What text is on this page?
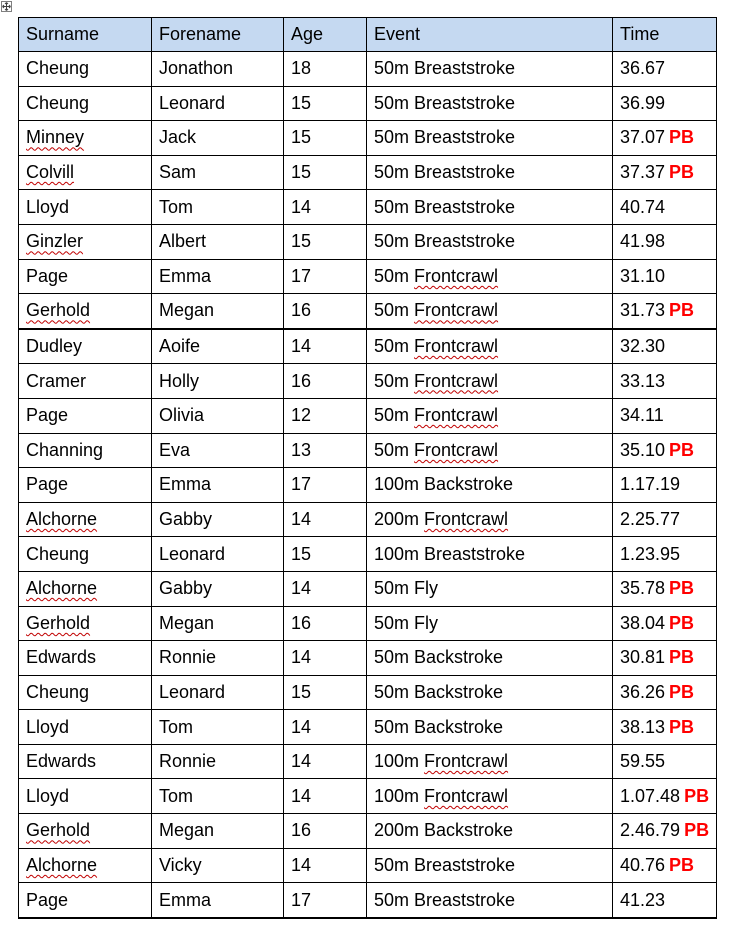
Surname	Forename	Age	Event	Time
Cheung	Jonathon	18	50m Breaststroke	36.67
Cheung	Leonard	15	50m Breaststroke	36.99
Minney	Jack	15	50m Breaststroke	37.07 PB
Colvill	Sam	15	50m Breaststroke	37.37 PB
Lloyd	Tom	14	50m Breaststroke	40.74
Ginzler	Albert	15	50m Breaststroke	41.98
Page	Emma	17	50m Frontcrawl	31.10
Gerhold	Megan	16	50m Frontcrawl	31.73 PB
Dudley	Aoife	14	50m Frontcrawl	32.30
Cramer	Holly	16	50m Frontcrawl	33.13
Page	Olivia	12	50m Frontcrawl	34.11
Channing	Eva	13	50m Frontcrawl	35.10 PB
Page	Emma	17	100m Backstroke	1.17.19
Alchorne	Gabby	14	200m Frontcrawl	2.25.77
Cheung	Leonard	15	100m Breaststroke	1.23.95
Alchorne	Gabby	14	50m Fly	35.78 PB
Gerhold	Megan	16	50m Fly	38.04 PB
Edwards	Ronnie	14	50m Backstroke	30.81 PB
Cheung	Leonard	15	50m Backstroke	36.26 PB
Lloyd	Tom	14	50m Backstroke	38.13 PB
Edwards	Ronnie	14	100m Frontcrawl	59.55
Lloyd	Tom	14	100m Frontcrawl	1.07.48 PB
Gerhold	Megan	16	200m Backstroke	2.46.79 PB
Alchorne	Vicky	14	50m Breaststroke	40.76 PB
Page	Emma	17	50m Breaststroke	41.23
